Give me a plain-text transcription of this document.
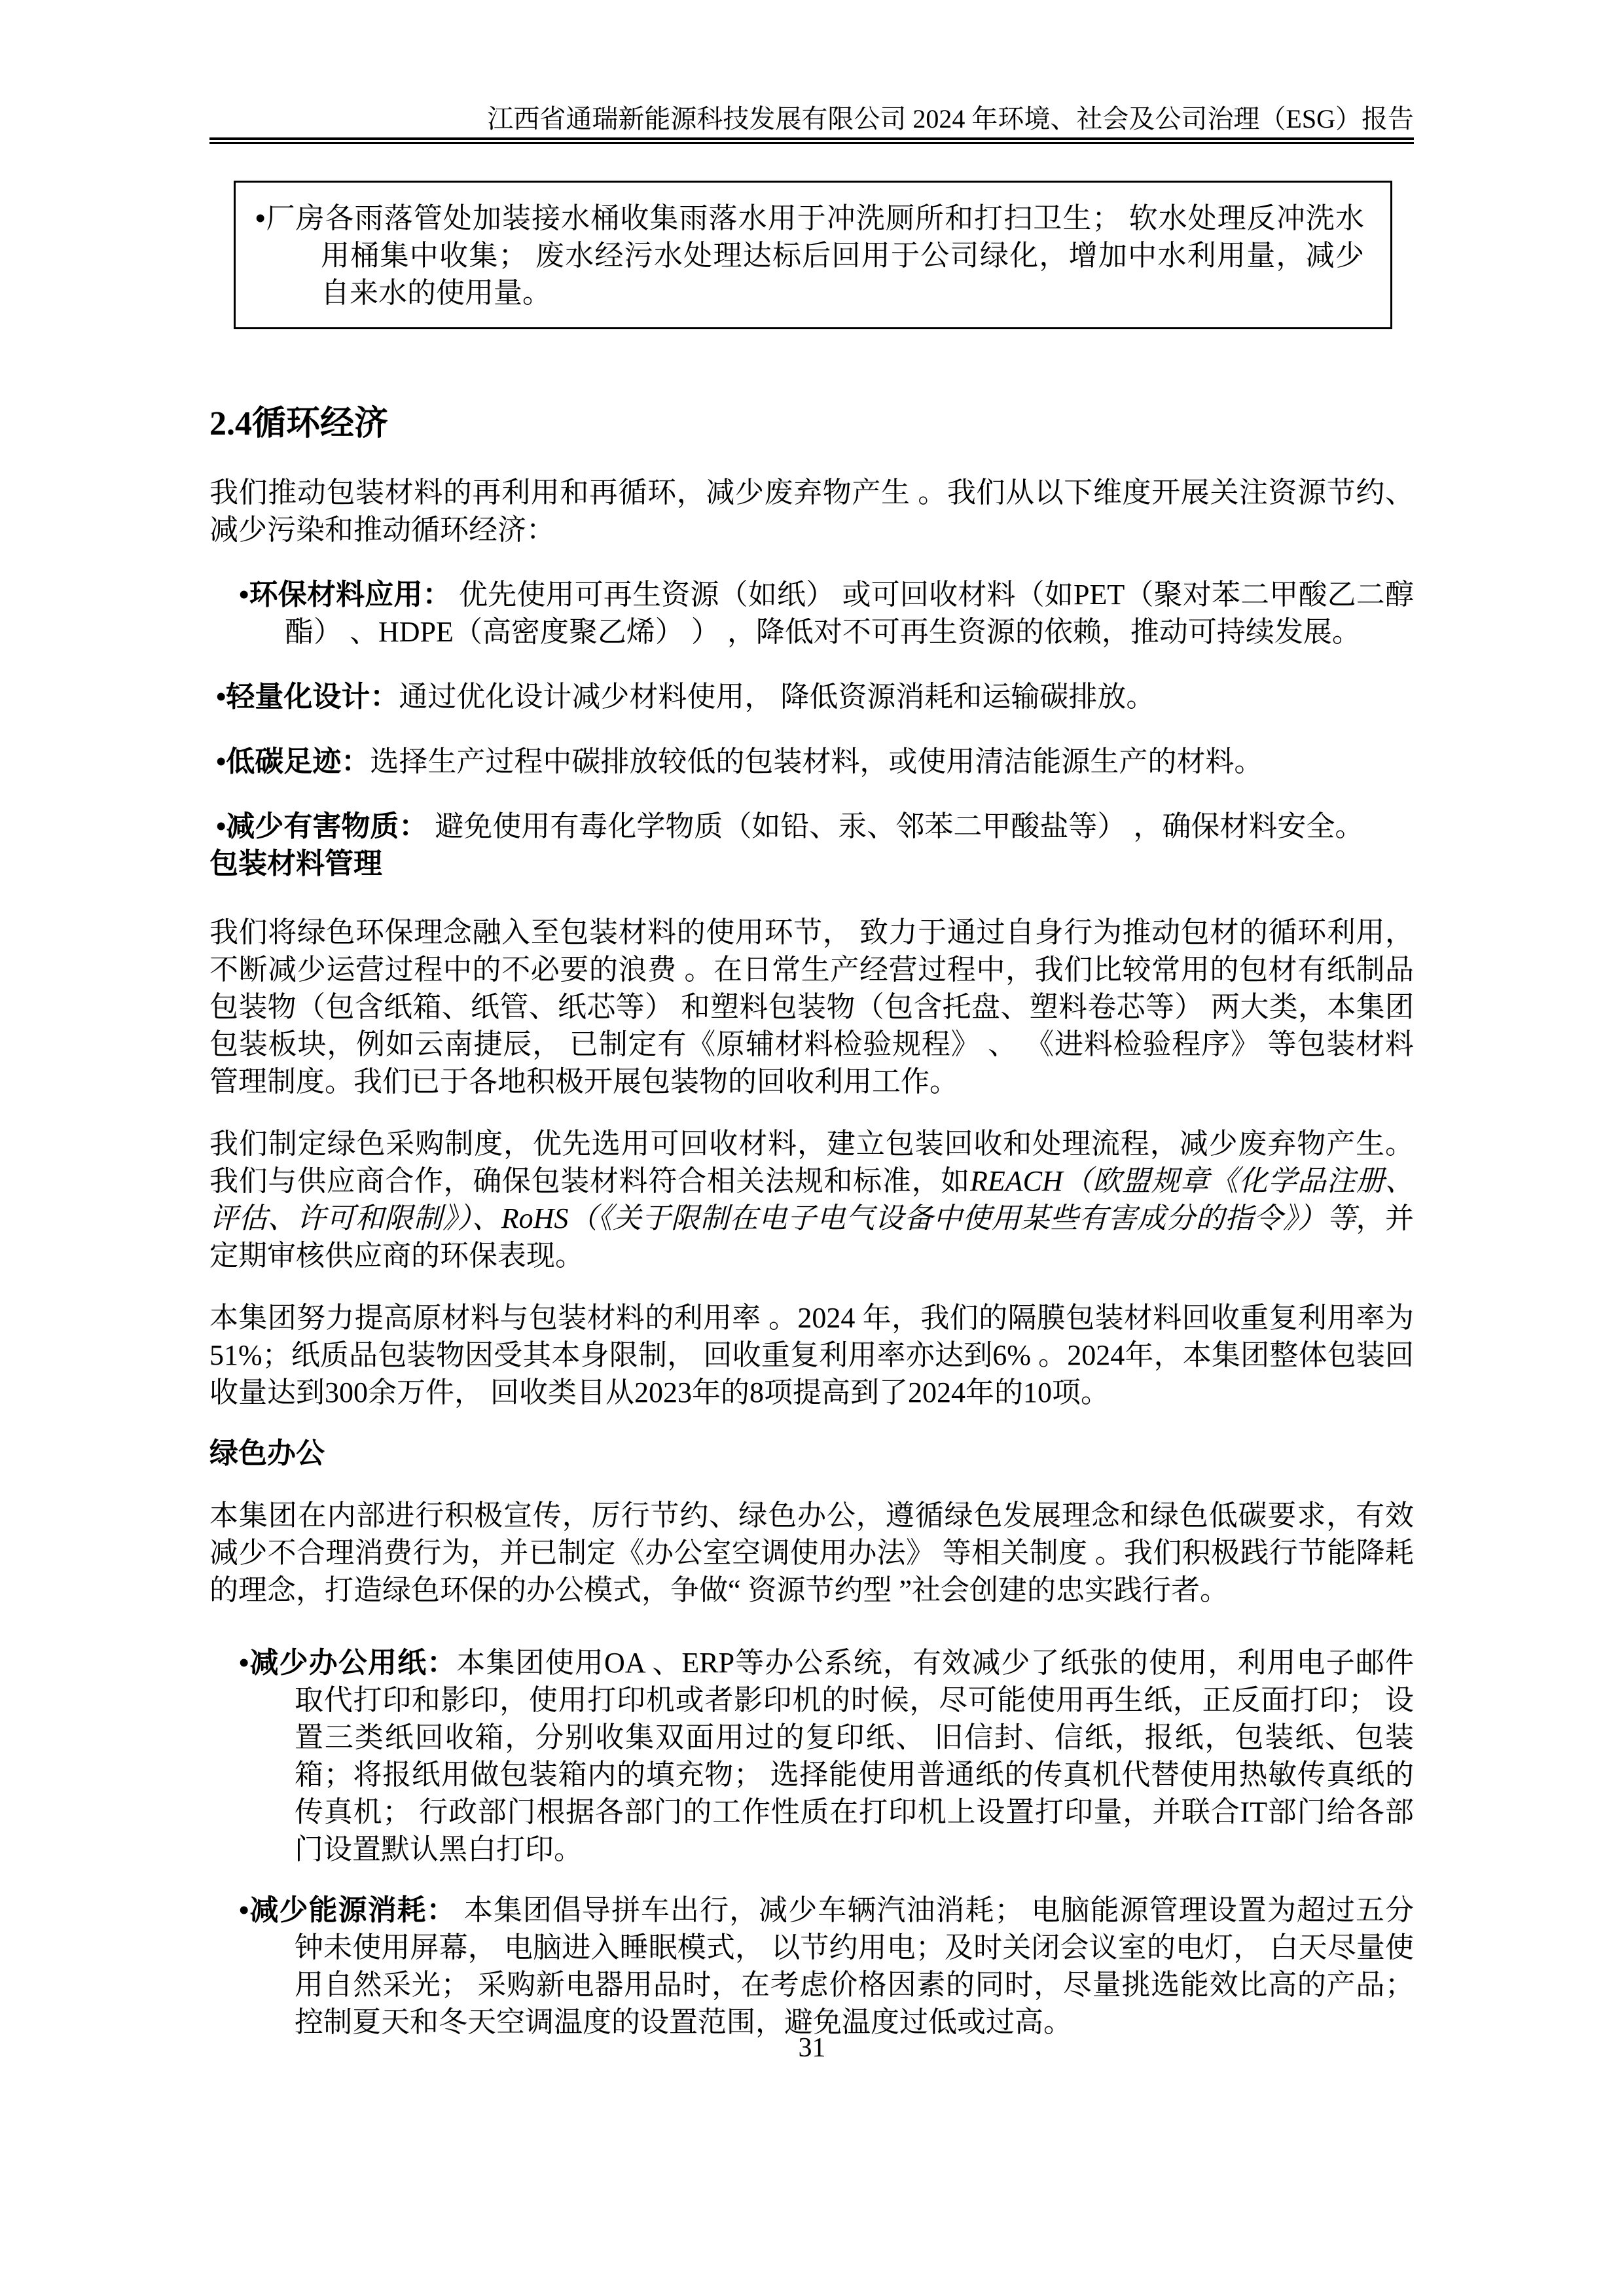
江西省通瑞新能源科技发展有限公司 2024 年环境、社会及公司治理（ESG）报告
•厂房各雨落管处加装接水桶收集雨落水用于冲洗厕所和打扫卫生； 软水处理反冲洗水用桶集中收集； 废水经污水处理达标后回用于公司绿化，增加中水利用量，减少自来水的使用量。
2.4循环经济

我们推动包装材料的再利用和再循环，减少废弃物产生 。我们从以下维度开展关注资源节约、减少污染和推动循环经济：

•环保材料应用： 优先使用可再生资源（如纸） 或可回收材料（如PET（聚对苯二甲酸乙二醇酯） 、HDPE（高密度聚乙烯） ） ，降低对不可再生资源的依赖，推动可持续发展。
•轻量化设计：通过优化设计减少材料使用， 降低资源消耗和运输碳排放。
•低碳足迹：选择生产过程中碳排放较低的包装材料，或使用清洁能源生产的材料。
•减少有害物质： 避免使用有毒化学物质（如铅、汞、邻苯二甲酸盐等） ，确保材料安全。
包装材料管理

我们将绿色环保理念融入至包装材料的使用环节， 致力于通过自身行为推动包材的循环利用， 不断减少运营过程中的不必要的浪费 。在日常生产经营过程中，我们比较常用的包材有纸制品包装物（包含纸箱、纸管、纸芯等） 和塑料包装物（包含托盘、塑料卷芯等） 两大类，本集团包装板块，例如云南捷辰， 已制定有《原辅材料检验规程》 、 《进料检验程序》 等包装材料管理制度。我们已于各地积极开展包装物的回收利用工作。

我们制定绿色采购制度，优先选用可回收材料，建立包装回收和处理流程，减少废弃物产生。我们与供应商合作，确保包装材料符合相关法规和标准，如REACH（欧盟规章《化学品注册、评估、许可和限制》）、RoHS（《关于限制在电子电气设备中使用某些有害成分的指令》）等，并定期审核供应商的环保表现。

本集团努力提高原材料与包装材料的利用率 。2024 年，我们的隔膜包装材料回收重复利用率为51%；纸质品包装物因受其本身限制， 回收重复利用率亦达到6% 。2024年，本集团整体包装回收量达到300余万件， 回收类目从2023年的8项提高到了2024年的10项。

绿色办公

本集团在内部进行积极宣传，厉行节约、绿色办公，遵循绿色发展理念和绿色低碳要求，有效减少不合理消费行为，并已制定《办公室空调使用办法》 等相关制度 。我们积极践行节能降耗的理念，打造绿色环保的办公模式，争做“ 资源节约型 ”社会创建的忠实践行者。

•减少办公用纸：本集团使用OA 、ERP等办公系统，有效减少了纸张的使用，利用电子邮件取代打印和影印，使用打印机或者影印机的时候，尽可能使用再生纸，正反面打印； 设置三类纸回收箱，分别收集双面用过的复印纸、 旧信封、信纸，报纸，包装纸、包装箱；将报纸用做包装箱内的填充物； 选择能使用普通纸的传真机代替使用热敏传真纸的传真机； 行政部门根据各部门的工作性质在打印机上设置打印量，并联合IT部门给各部门设置默认黑白打印。
•减少能源消耗： 本集团倡导拼车出行，减少车辆汽油消耗； 电脑能源管理设置为超过五分钟未使用屏幕， 电脑进入睡眠模式， 以节约用电；及时关闭会议室的电灯， 白天尽量使用自然采光； 采购新电器用品时，在考虑价格因素的同时，尽量挑选能效比高的产品；控制夏天和冬天空调温度的设置范围，避免温度过低或过高。
31
